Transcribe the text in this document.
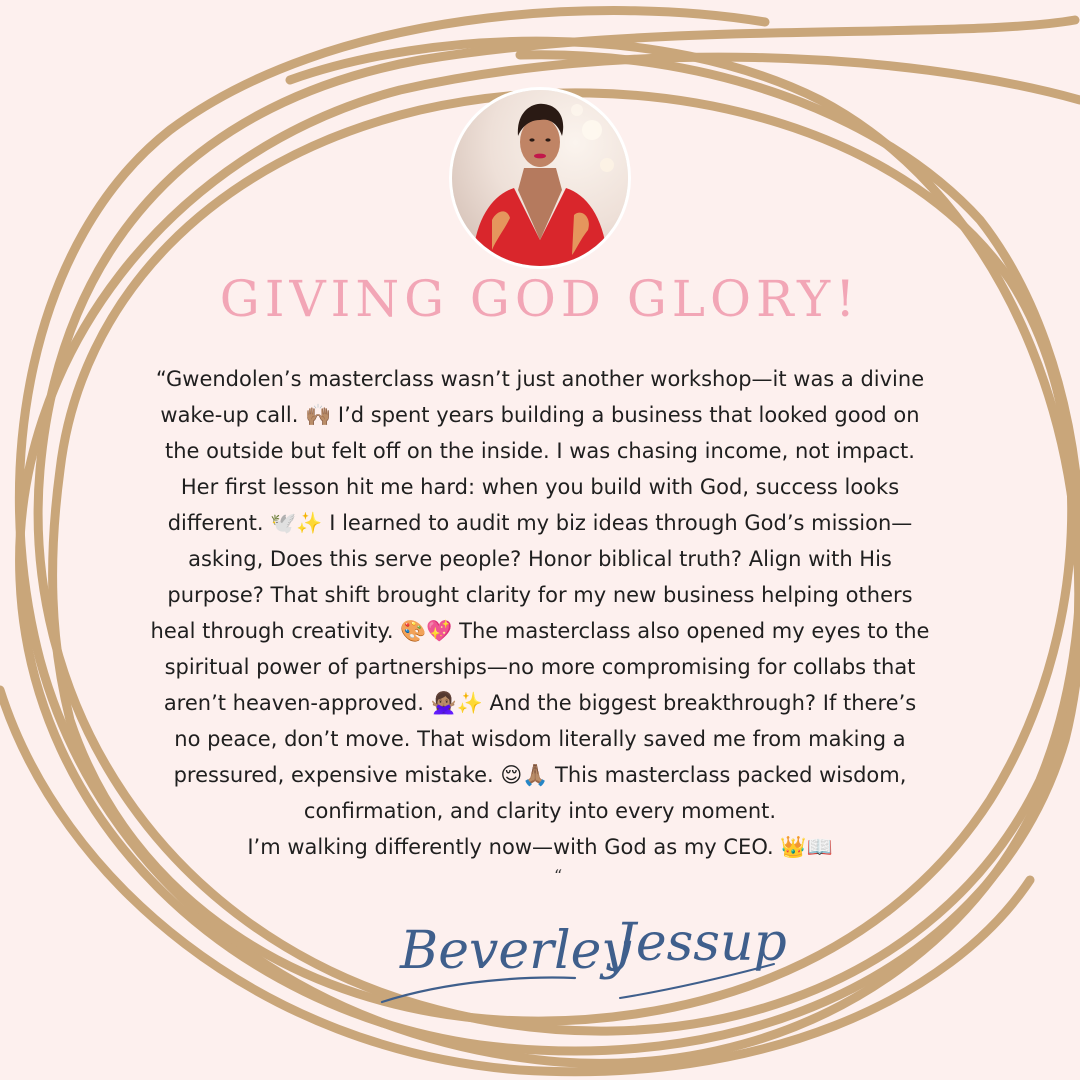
GIVING GOD GLORY!

“Gwendolen’s masterclass wasn’t just another workshop—it was a divine
wake-up call. 🙌🏽 I’d spent years building a business that looked good on
the outside but felt off on the inside. I was chasing income, not impact.
Her first lesson hit me hard: when you build with God, success looks
different. 🕊️✨ I learned to audit my biz ideas through God’s mission—
asking, Does this serve people? Honor biblical truth? Align with His
purpose? That shift brought clarity for my new business helping others
heal through creativity. 🎨💖 The masterclass also opened my eyes to the
spiritual power of partnerships—no more compromising for collabs that
aren’t heaven-approved. 🙅🏽‍♀️✨ And the biggest breakthrough? If there’s
no peace, don’t move. That wisdom literally saved me from making a
pressured, expensive mistake. 😌🙏🏽 This masterclass packed wisdom,
confirmation, and clarity into every moment.
I’m walking differently now—with God as my CEO. 👑📖

“
Beverley
Jessup
